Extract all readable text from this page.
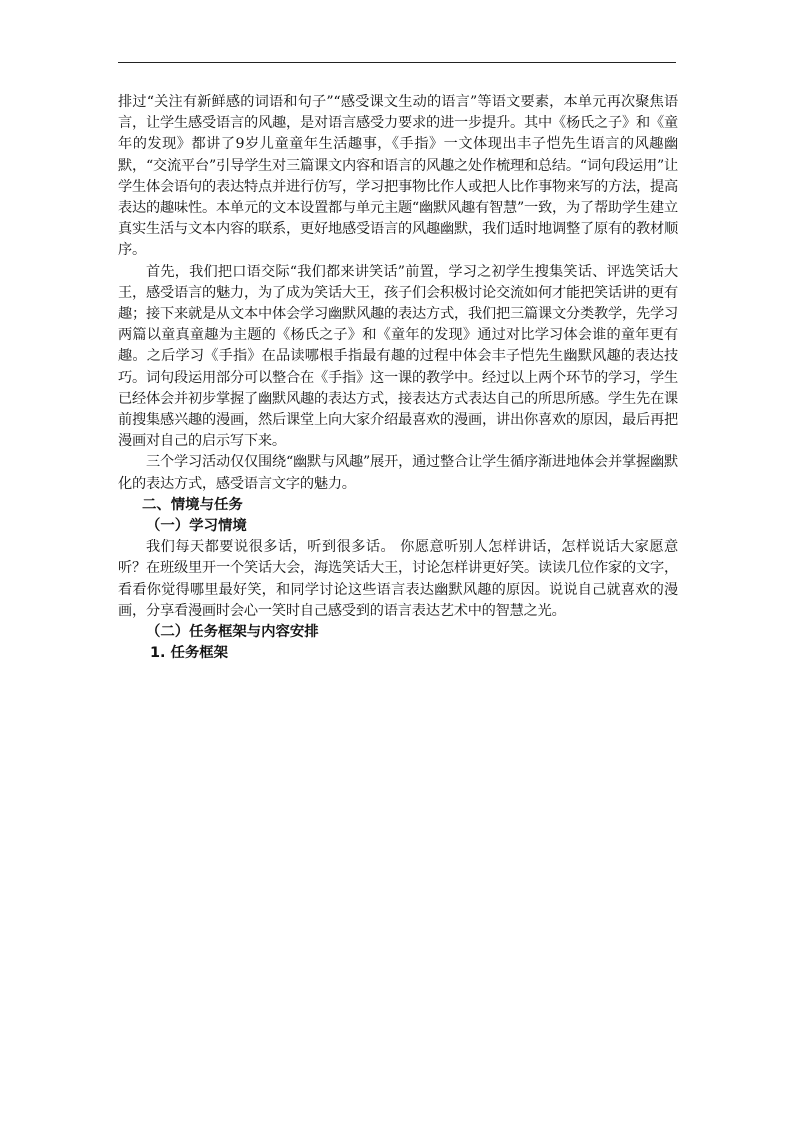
排过“关注有新鲜感的词语和句子”“感受课文生动的语言”等语文要素，本单元再次聚焦语言，让学生感受语言的风趣，是对语言感受力要求的进一步提升。其中《杨氏之子》和《童年的发现》都讲了9岁儿童童年生活趣事，《手指》一文体现出丰子恺先生语言的风趣幽默，“交流平台”引导学生对三篇课文内容和语言的风趣之处作梳理和总结。“词句段运用”让学生体会语句的表达特点并进行仿写，学习把事物比作人或把人比作事物来写的方法，提高表达的趣味性。本单元的文本设置都与单元主题“幽默风趣有智慧”一致，为了帮助学生建立真实生活与文本内容的联系，更好地感受语言的风趣幽默，我们适时地调整了原有的教材顺序。

首先，我们把口语交际“我们都来讲笑话”前置，学习之初学生搜集笑话、评选笑话大王，感受语言的魅力，为了成为笑话大王，孩子们会积极讨论交流如何才能把笑话讲的更有趣；接下来就是从文本中体会学习幽默风趣的表达方式，我们把三篇课文分类教学，先学习两篇以童真童趣为主题的《杨氏之子》和《童年的发现》通过对比学习体会谁的童年更有趣。之后学习《手指》在品读哪根手指最有趣的过程中体会丰子恺先生幽默风趣的表达技巧。词句段运用部分可以整合在《手指》这一课的教学中。经过以上两个环节的学习，学生已经体会并初步掌握了幽默风趣的表达方式，接表达方式表达自己的所思所感。学生先在课前搜集感兴趣的漫画，然后课堂上向大家介绍最喜欢的漫画，讲出你喜欢的原因，最后再把漫画对自己的启示写下来。

三个学习活动仅仅围绕“幽默与风趣”展开，通过整合让学生循序渐进地体会并掌握幽默化的表达方式，感受语言文字的魅力。

二、情境与任务

（一）学习情境

我们每天都要说很多话，听到很多话。 你愿意听别人怎样讲话，怎样说话大家愿意听？在班级里开一个笑话大会，海选笑话大王，讨论怎样讲更好笑。读读几位作家的文字，看看你觉得哪里最好笑，和同学讨论这些语言表达幽默风趣的原因。说说自己就喜欢的漫画，分享看漫画时会心一笑时自己感受到的语言表达艺术中的智慧之光。

（二）任务框架与内容安排

1. 任务框架
